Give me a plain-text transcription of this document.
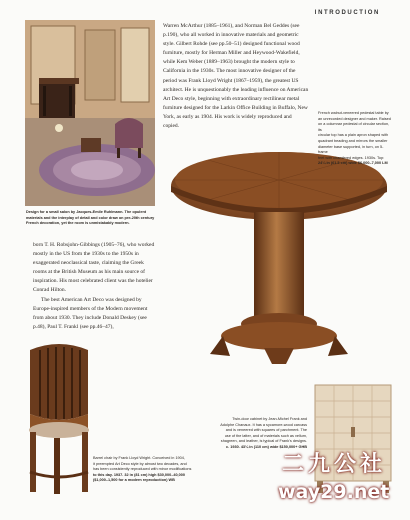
INTRODUCTION

Warren McArthur (1885–1961), and Norman Bel Geddes (see p.190), who all worked in innovative materials and geometric style. Gilbert Rohde (see pp.50–51) designed functional wood furniture, mostly for Herman Miller and Heywood-Wakefield, while Kem Weber (1889–1963) brought the modern style to California in the 1930s. The most innovative designer of the period was Frank Lloyd Wright (1867–1959), the greatest US architect. He is unquestionably the leading influence on American Art Deco style, beginning with extraordinary rectilinear metal furniture designed for the Larkin Office Building in Buffalo, New York, as early as 1904. His work is widely reproduced and copied.

born T. H. Robsjohn-Gibbings (1905–76), who worked mostly in the US from the 1930s to the 1950s in exaggerated neoclassical taste, claiming the Greek rooms at the British Museum as his main source of inspiration. His most celebrated client was the hotelier Conrad Hilton.

The best American Art Deco was designed by Europe-inspired members of the Modern movement from about 1930. They include Donald Deskey (see p.48), Paul T. Frankl (see pp.46–47),

Design for a small salon by Jacques-Emile Ruhlmann. The opulent materials and the interplay of detail and color draw on pre-20th century French decoration, yet the room is unmistakably modern.
French walnut-veneered pedestal table by
an unrecorded designer and maker. Raised
on a columnar pedestal of circular section, its
circular top has a plain apron shaped with
quadrant beading and mirrors the smaller
diameter base supported, in turn, on 5-frame
feet with chamfered edges. 1930s. Top:
24¼ in (61.5 cm) wide $6,000–7,000 LM
Twin-door cabinet by Jean-Michel Frank and
Adolphe Chanaux. It has a sycamore-wood carcass
and is veneered with squares of parchment. The
use of the latter, and of materials such as vellum,
shagreen, and leather, is typical of Frank's designs.
c. 1930. 43¼ in (110 cm) wide $150,000+ GHB
Barrel chair by Frank Lloyd Wright. Conceived in 1904,
it preempted Art Deco style by almost two decades, and
has been consistently reproduced with minor modifications
to this day. 1937. 32 in (81 cm) high $30,000–40,000
($1,000–1,500 for a modern reproduction) WB
二九公社
way29.net
